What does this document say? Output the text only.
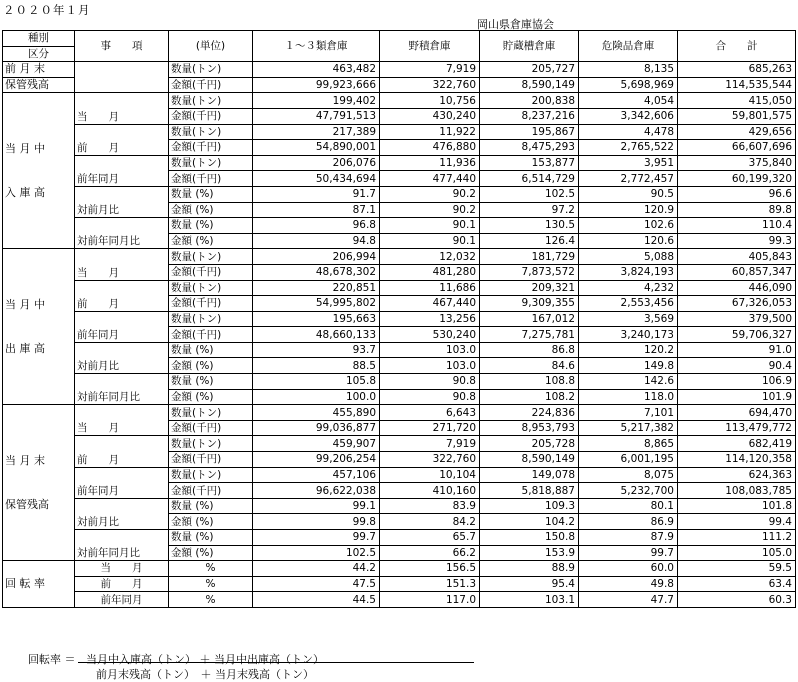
２０２０年１月
岡山県倉庫協会
種別	事　　項	(単位)	１～３類倉庫	野積倉庫	貯蔵槽倉庫	危険品倉庫	合　　計
区分							
前 月 末		数量(トン)	463,482	7,919	205,727	8,135	685,263
保管残高		金額(千円)	99,923,666	322,760	8,590,149	5,698,969	114,535,544

当 月 中
入 庫 高	当　　月	数量(トン)	199,402	10,756	200,838	4,054	415,050
		金額(千円)	47,791,513	430,240	8,237,216	3,342,606	59,801,575
	前　　月	数量(トン)	217,389	11,922	195,867	4,478	429,656
		金額(千円)	54,890,001	476,880	8,475,293	2,765,522	66,607,696
	前年同月	数量(トン)	206,076	11,936	153,877	3,951	375,840
		金額(千円)	50,434,694	477,440	6,514,729	2,772,457	60,199,320
	対前月比	数量 (%)	91.7	90.2	102.5	90.5	96.6
		金額 (%)	87.1	90.2	97.2	120.9	89.8
	対前年同月比	数量 (%)	96.8	90.1	130.5	102.6	110.4
		金額 (%)	94.8	90.1	126.4	120.6	99.3

当 月 中
出 庫 高	当　　月	数量(トン)	206,994	12,032	181,729	5,088	405,843
		金額(千円)	48,678,302	481,280	7,873,572	3,824,193	60,857,347
	前　　月	数量(トン)	220,851	11,686	209,321	4,232	446,090
		金額(千円)	54,995,802	467,440	9,309,355	2,553,456	67,326,053
	前年同月	数量(トン)	195,663	13,256	167,012	3,569	379,500
		金額(千円)	48,660,133	530,240	7,275,781	3,240,173	59,706,327
	対前月比	数量 (%)	93.7	103.0	86.8	120.2	91.0
		金額 (%)	88.5	103.0	84.6	149.8	90.4
	対前年同月比	数量 (%)	105.8	90.8	108.8	142.6	106.9
		金額 (%)	100.0	90.8	108.2	118.0	101.9

当 月 末
保管残高	当　　月	数量(トン)	455,890	6,643	224,836	7,101	694,470
		金額(千円)	99,036,877	271,720	8,953,793	5,217,382	113,479,772
	前　　月	数量(トン)	459,907	7,919	205,728	8,865	682,419
		金額(千円)	99,206,254	322,760	8,590,149	6,001,195	114,120,358
	前年同月	数量(トン)	457,106	10,104	149,078	8,075	624,363
		金額(千円)	96,622,038	410,160	5,818,887	5,232,700	108,083,785
	対前月比	数量 (%)	99.1	83.9	109.3	80.1	101.8
		金額 (%)	99.8	84.2	104.2	86.9	99.4
	対前年同月比	数量 (%)	99.7	65.7	150.8	87.9	111.2
		金額 (%)	102.5	66.2	153.9	99.7	105.0
回 転 率	当　　月	%	44.2	156.5	88.9	60.0	59.5
	前　　月	%	47.5	151.3	95.4	49.8	63.4
	前年同月	%	44.5	117.0	103.1	47.7	60.3
回転率 ＝ 当月中入庫高（トン） ＋ 当月中出庫高（トン）
前月末残高（トン）　＋ 当月末残高（トン）
